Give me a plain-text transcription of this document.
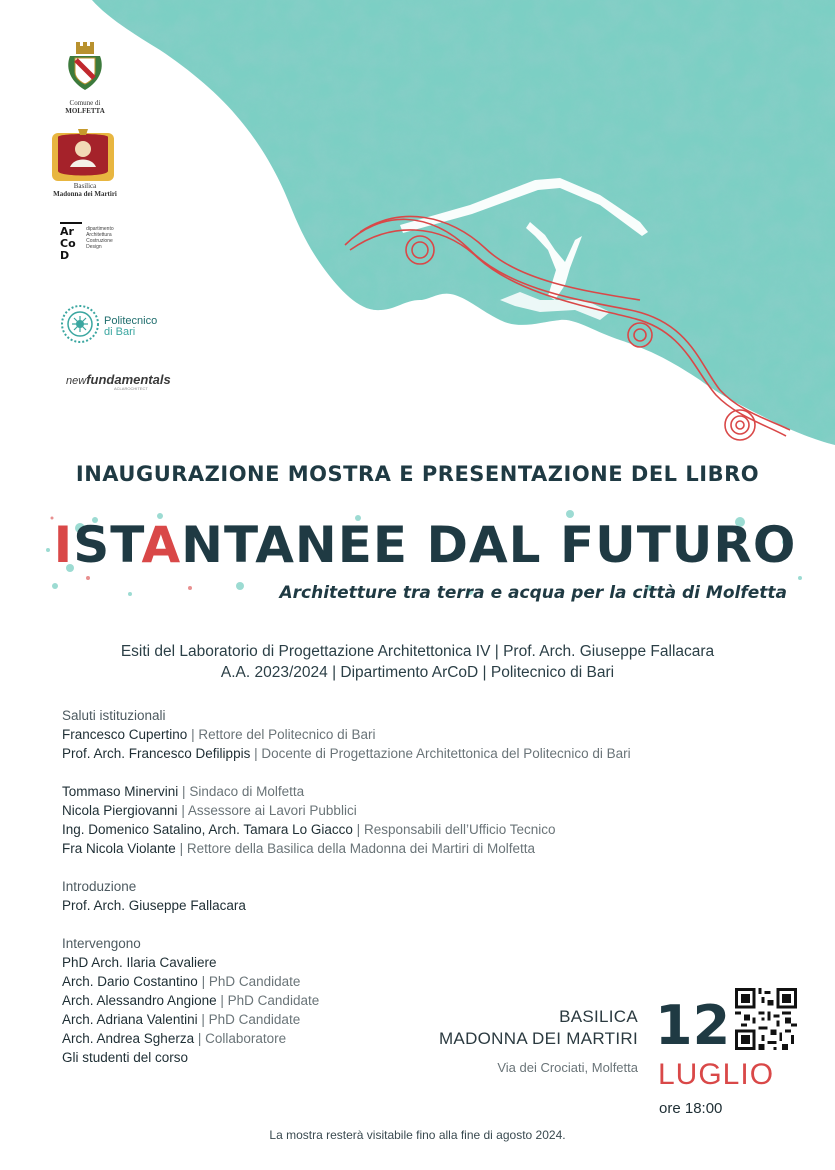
Comune di
MOLFETTA
Basilica
Madonna dei Martiri
Ar
Co
D

dipartimento
Architettura
Costruzione
Design
Politecnico
di Bari
newfundamentals
ACLAROCHITECT
INAUGURAZIONE MOSTRA E PRESENTAZIONE DEL LIBRO
ISTANTANEE DAL FUTURO
Architetture tra terra e acqua per la città di Molfetta
Esiti del Laboratorio di Progettazione Architettonica IV | Prof. Arch. Giuseppe Fallacara
A.A. 2023/2024 | Dipartimento ArCoD | Politecnico di Bari
Saluti istituzionali
Francesco Cupertino | Rettore del Politecnico di Bari
Prof. Arch. Francesco Defilippis | Docente di Progettazione Architettonica del Politecnico di Bari
Tommaso Minervini | Sindaco di Molfetta
Nicola Piergiovanni | Assessore ai Lavori Pubblici
Ing. Domenico Satalino, Arch. Tamara Lo Giacco | Responsabili dell’Ufficio Tecnico
Fra Nicola Violante | Rettore della Basilica della Madonna dei Martiri di Molfetta
Introduzione
Prof. Arch. Giuseppe Fallacara
Intervengono
PhD Arch. Ilaria Cavaliere
Arch. Dario Costantino | PhD Candidate
Arch. Alessandro Angione | PhD Candidate
Arch. Adriana Valentini | PhD Candidate
Arch. Andrea Sgherza | Collaboratore
Gli studenti del corso
BASILICA
MADONNA DEI MARTIRI
Via dei Crociati, Molfetta
12
LUGLIO
ore 18:00
La mostra resterà visitabile fino alla fine di agosto 2024.
